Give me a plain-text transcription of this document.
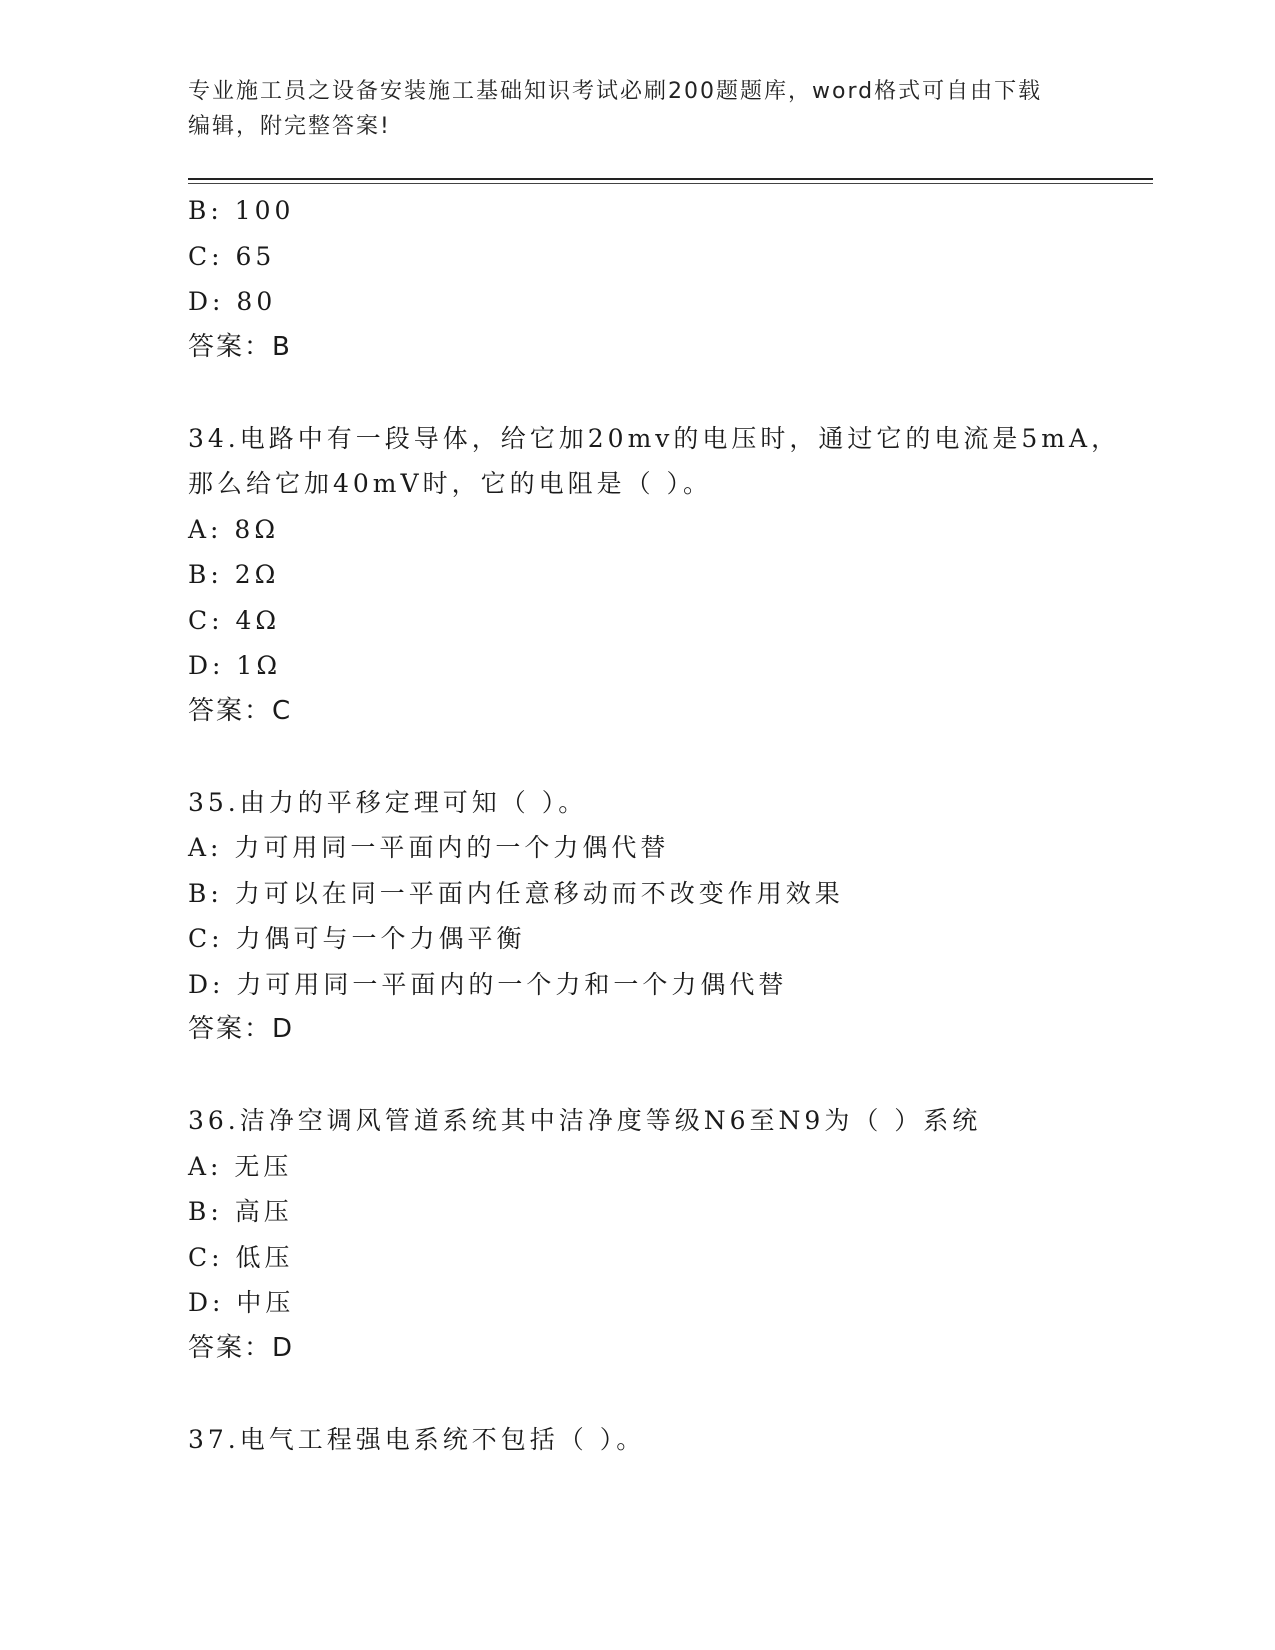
专业施工员之设备安装施工基础知识考试必刷200题题库，word格式可自由下载
编辑，附完整答案!
B: 100
C: 65
D: 80
答案：B
34.电路中有一段导体，给它加20mv的电压时，通过它的电流是5mA，
那么给它加40mV时，它的电阻是（ ）。
A: 8Ω
B: 2Ω
C: 4Ω
D: 1Ω
答案：C
35.由力的平移定理可知（ ）。
A: 力可用同一平面内的一个力偶代替
B: 力可以在同一平面内任意移动而不改变作用效果
C: 力偶可与一个力偶平衡
D: 力可用同一平面内的一个力和一个力偶代替
答案：D
36.洁净空调风管道系统其中洁净度等级N6至N9为（ ）系统
A: 无压
B: 高压
C: 低压
D: 中压
答案：D
37.电气工程强电系统不包括（ ）。
